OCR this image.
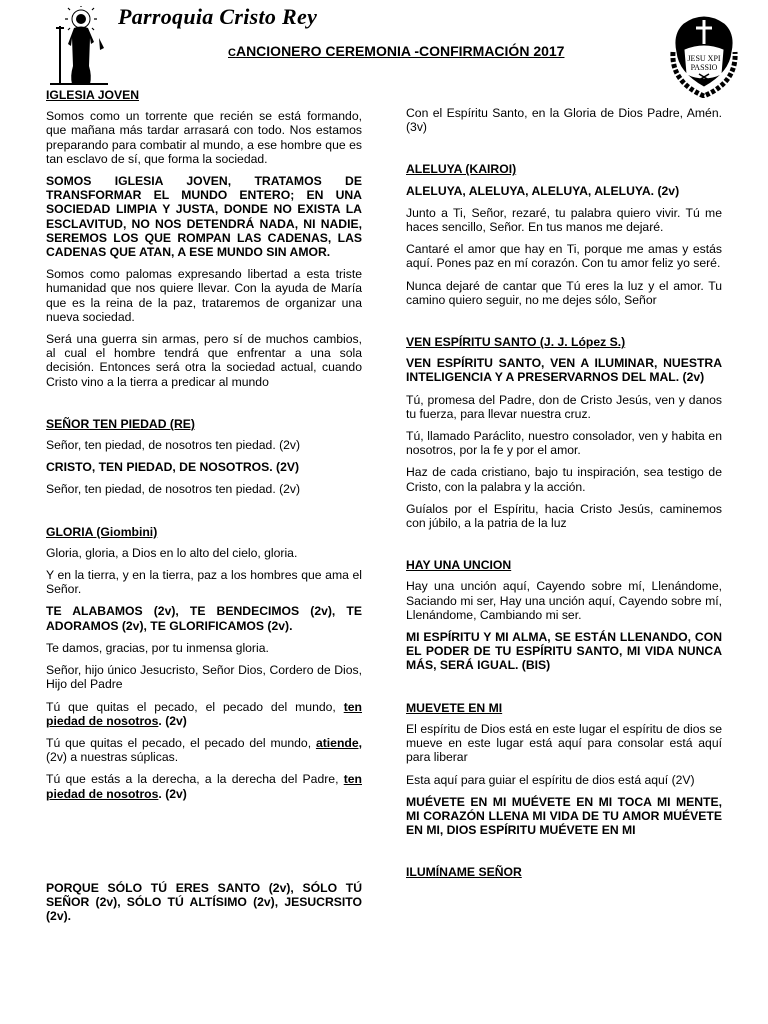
Parroquia Cristo Rey
CANCIONERO CEREMONIA -CONFIRMACIÓN 2017	JESU XPI
PASSIO
IGLESIA JOVEN

Somos como un torrente que recién se está formando, que mañana más tardar arrasará con todo. Nos estamos preparando para combatir al mundo, a ese hombre que es tan esclavo de sí, que forma la sociedad.

SOMOS IGLESIA JOVEN, TRATAMOS DE TRANSFORMAR EL MUNDO ENTERO; EN UNA SOCIEDAD LIMPIA Y JUSTA, DONDE NO EXISTA LA ESCLAVITUD, NO NOS DETENDRÁ NADA, NI NADIE, SEREMOS LOS QUE ROMPAN LAS CADENAS, LAS CADENAS QUE ATAN, A ESE MUNDO SIN AMOR.

Somos como palomas expresando libertad a esta triste humanidad que nos quiere llevar. Con la ayuda de María que es la reina de la paz, trataremos de organizar una nueva sociedad.

Será una guerra sin armas, pero sí de muchos cambios, al cual el hombre tendrá que enfrentar a una sola decisión. Entonces será otra la sociedad actual, cuando Cristo vino a la tierra a predicar al mundo

SEÑOR TEN PIEDAD (RE)

Señor, ten piedad, de nosotros ten piedad. (2v)

CRISTO, TEN PIEDAD, DE NOSOTROS. (2V)

Señor, ten piedad, de nosotros ten piedad. (2v)

GLORIA (Giombini)

Gloria, gloria, a Dios en lo alto del cielo, gloria.

Y en la tierra, y en la tierra, paz a los hombres que ama el Señor.

TE ALABAMOS (2v), TE BENDECIMOS (2v), TE ADORAMOS (2v), TE GLORIFICAMOS (2v).

Te damos, gracias, por tu inmensa gloria.

Señor, hijo único Jesucristo, Señor Dios, Cordero de Dios, Hijo del Padre

Tú que quitas el pecado, el pecado del mundo, ten piedad de nosotros. (2v)

Tú que quitas el pecado, el pecado del mundo, atiende, (2v) a nuestras súplicas.

Tú que estás a la derecha, a la derecha del Padre, ten piedad de nosotros. (2v)

PORQUE SÓLO TÚ ERES SANTO (2v), SÓLO TÚ SEÑOR (2v), SÓLO TÚ ALTÍSIMO (2v), JESUCRSITO (2v).

Con el Espíritu Santo, en la Gloria de Dios Padre, Amén. (3v)

ALELUYA (KAIROI)

ALELUYA, ALELUYA, ALELUYA, ALELUYA. (2v)

Junto a Ti, Señor, rezaré, tu palabra quiero vivir. Tú me haces sencillo, Señor. En tus manos me dejaré.

Cantaré el amor que hay en Ti, porque me amas y estás aquí. Pones paz en mí corazón. Con tu amor feliz yo seré.

Nunca dejaré de cantar que Tú eres la luz y el amor. Tu camino quiero seguir, no me dejes sólo, Señor

VEN ESPÍRITU SANTO (J. J. López S.)

VEN ESPÍRITU SANTO, VEN A ILUMINAR, NUESTRA INTELIGENCIA Y A PRESERVARNOS DEL MAL. (2v)

Tú, promesa del Padre, don de Cristo Jesús, ven y danos tu fuerza, para llevar nuestra cruz.

Tú, llamado Paráclito, nuestro consolador, ven y habita en nosotros, por la fe y por el amor.

Haz de cada cristiano, bajo tu inspiración, sea testigo de Cristo, con la palabra y la acción.

Guíalos por el Espíritu, hacia Cristo Jesús, caminemos con júbilo, a la patria de la luz

HAY UNA UNCION

Hay una unción aquí, Cayendo sobre mí, Llenándome, Saciando mi ser, Hay una unción aquí, Cayendo sobre mí, Llenándome, Cambiando mi ser.

MI ESPÍRITU Y MI ALMA, SE ESTÁN LLENANDO, CON EL PODER DE TU ESPÍRITU SANTO, MI VIDA NUNCA MÁS, SERÁ IGUAL. (BIS)

MUEVETE EN MI

El espíritu de Dios está en este lugar el espíritu de dios se mueve en este lugar está aquí para consolar está aquí para liberar

Esta aquí para guiar el espíritu de dios está aquí (2V)

MUÉVETE EN MI MUÉVETE EN MI TOCA MI MENTE, MI CORAZÓN LLENA MI VIDA DE TU AMOR MUÉVETE EN MI, DIOS ESPÍRITU MUÉVETE EN MI

ILUMÍNAME SEÑOR
